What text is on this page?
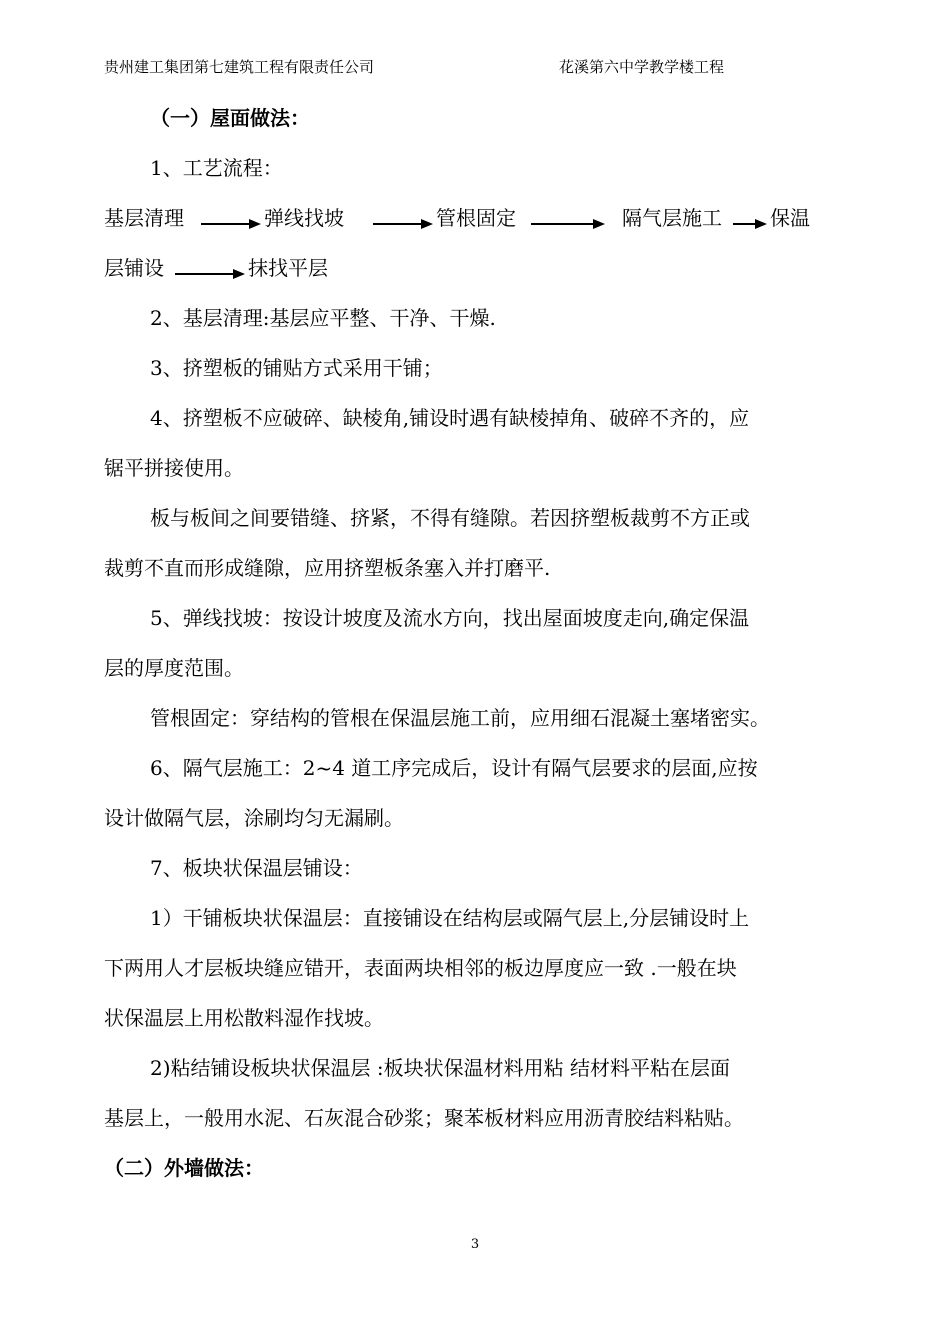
贵州建工集团第七建筑工程有限责任公司	花溪第六中学教学楼工程
（一）屋面做法：
1、工艺流程：
基层清理	弹线找坡	管根固定	隔气层施工 保温
层铺设	抹找平层
2、基层清理:基层应平整、干净、干燥.
3、挤塑板的铺贴方式采用干铺；
4、挤塑板不应破碎、缺棱角,铺设时遇有缺棱掉角、破碎不齐的，应
锯平拼接使用。
板与板间之间要错缝、挤紧，不得有缝隙。若因挤塑板裁剪不方正或
裁剪不直而形成缝隙，应用挤塑板条塞入并打磨平.
5、弹线找坡：按设计坡度及流水方向，找出屋面坡度走向,确定保温
层的厚度范围。
管根固定：穿结构的管根在保温层施工前，应用细石混凝土塞堵密实。
6、隔气层施工：2~4 道工序完成后，设计有隔气层要求的层面,应按
设计做隔气层，涂刷均匀无漏刷。
7、板块状保温层铺设：
1）干铺板块状保温层：直接铺设在结构层或隔气层上,分层铺设时上
下两用人才层板块缝应错开，表面两块相邻的板边厚度应一致 .一般在块
状保温层上用松散料湿作找坡。
2)粘结铺设板块状保温层 :板块状保温材料用粘 结材料平粘在层面
基层上，一般用水泥、石灰混合砂浆；聚苯板材料应用沥青胶结料粘贴。
（二）外墙做法：
3
